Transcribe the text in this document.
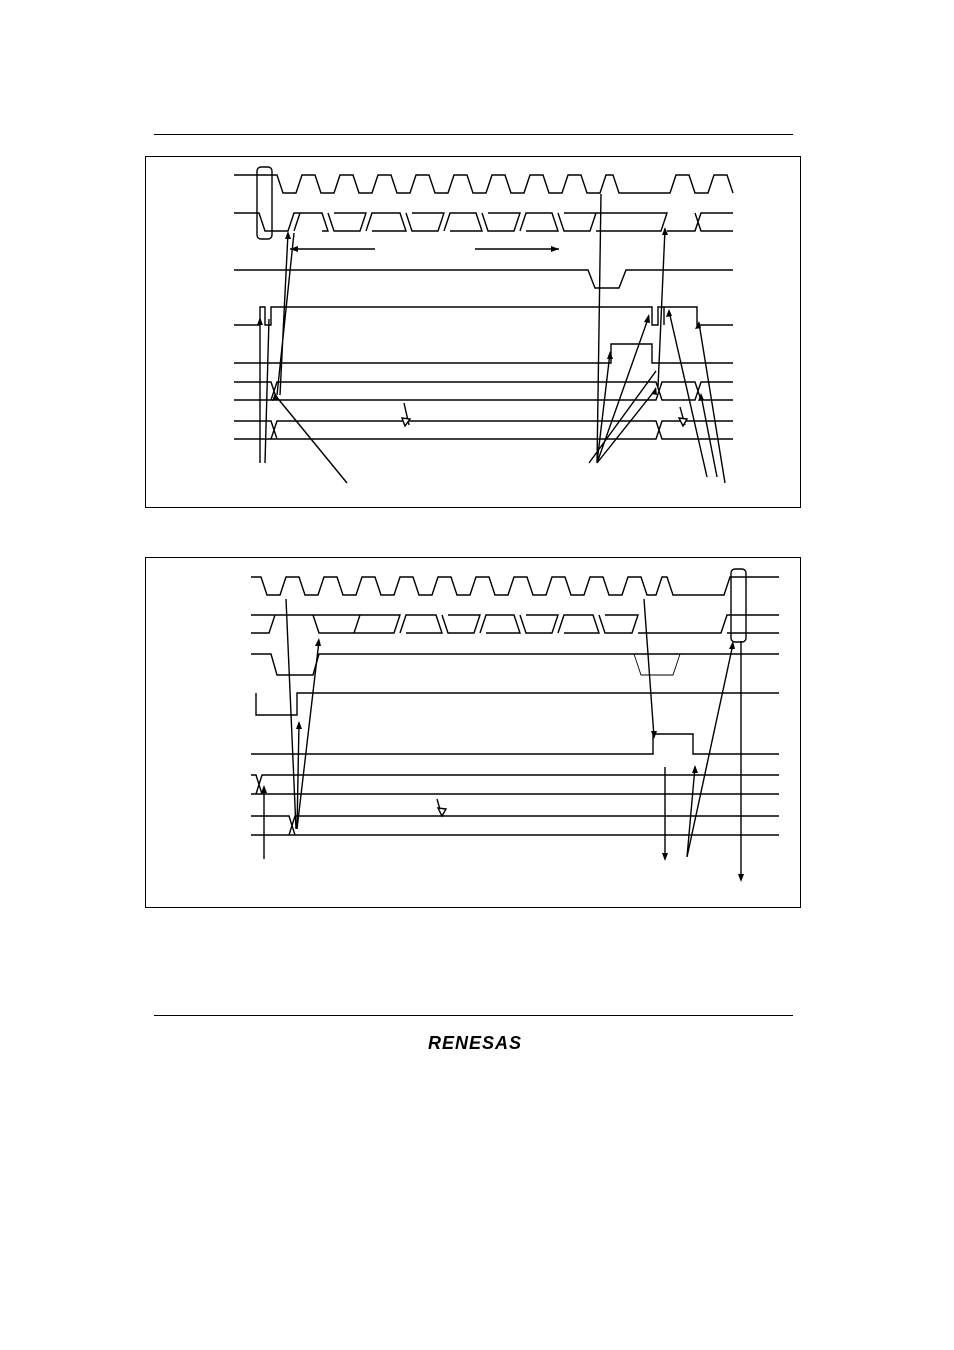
RENESAS
